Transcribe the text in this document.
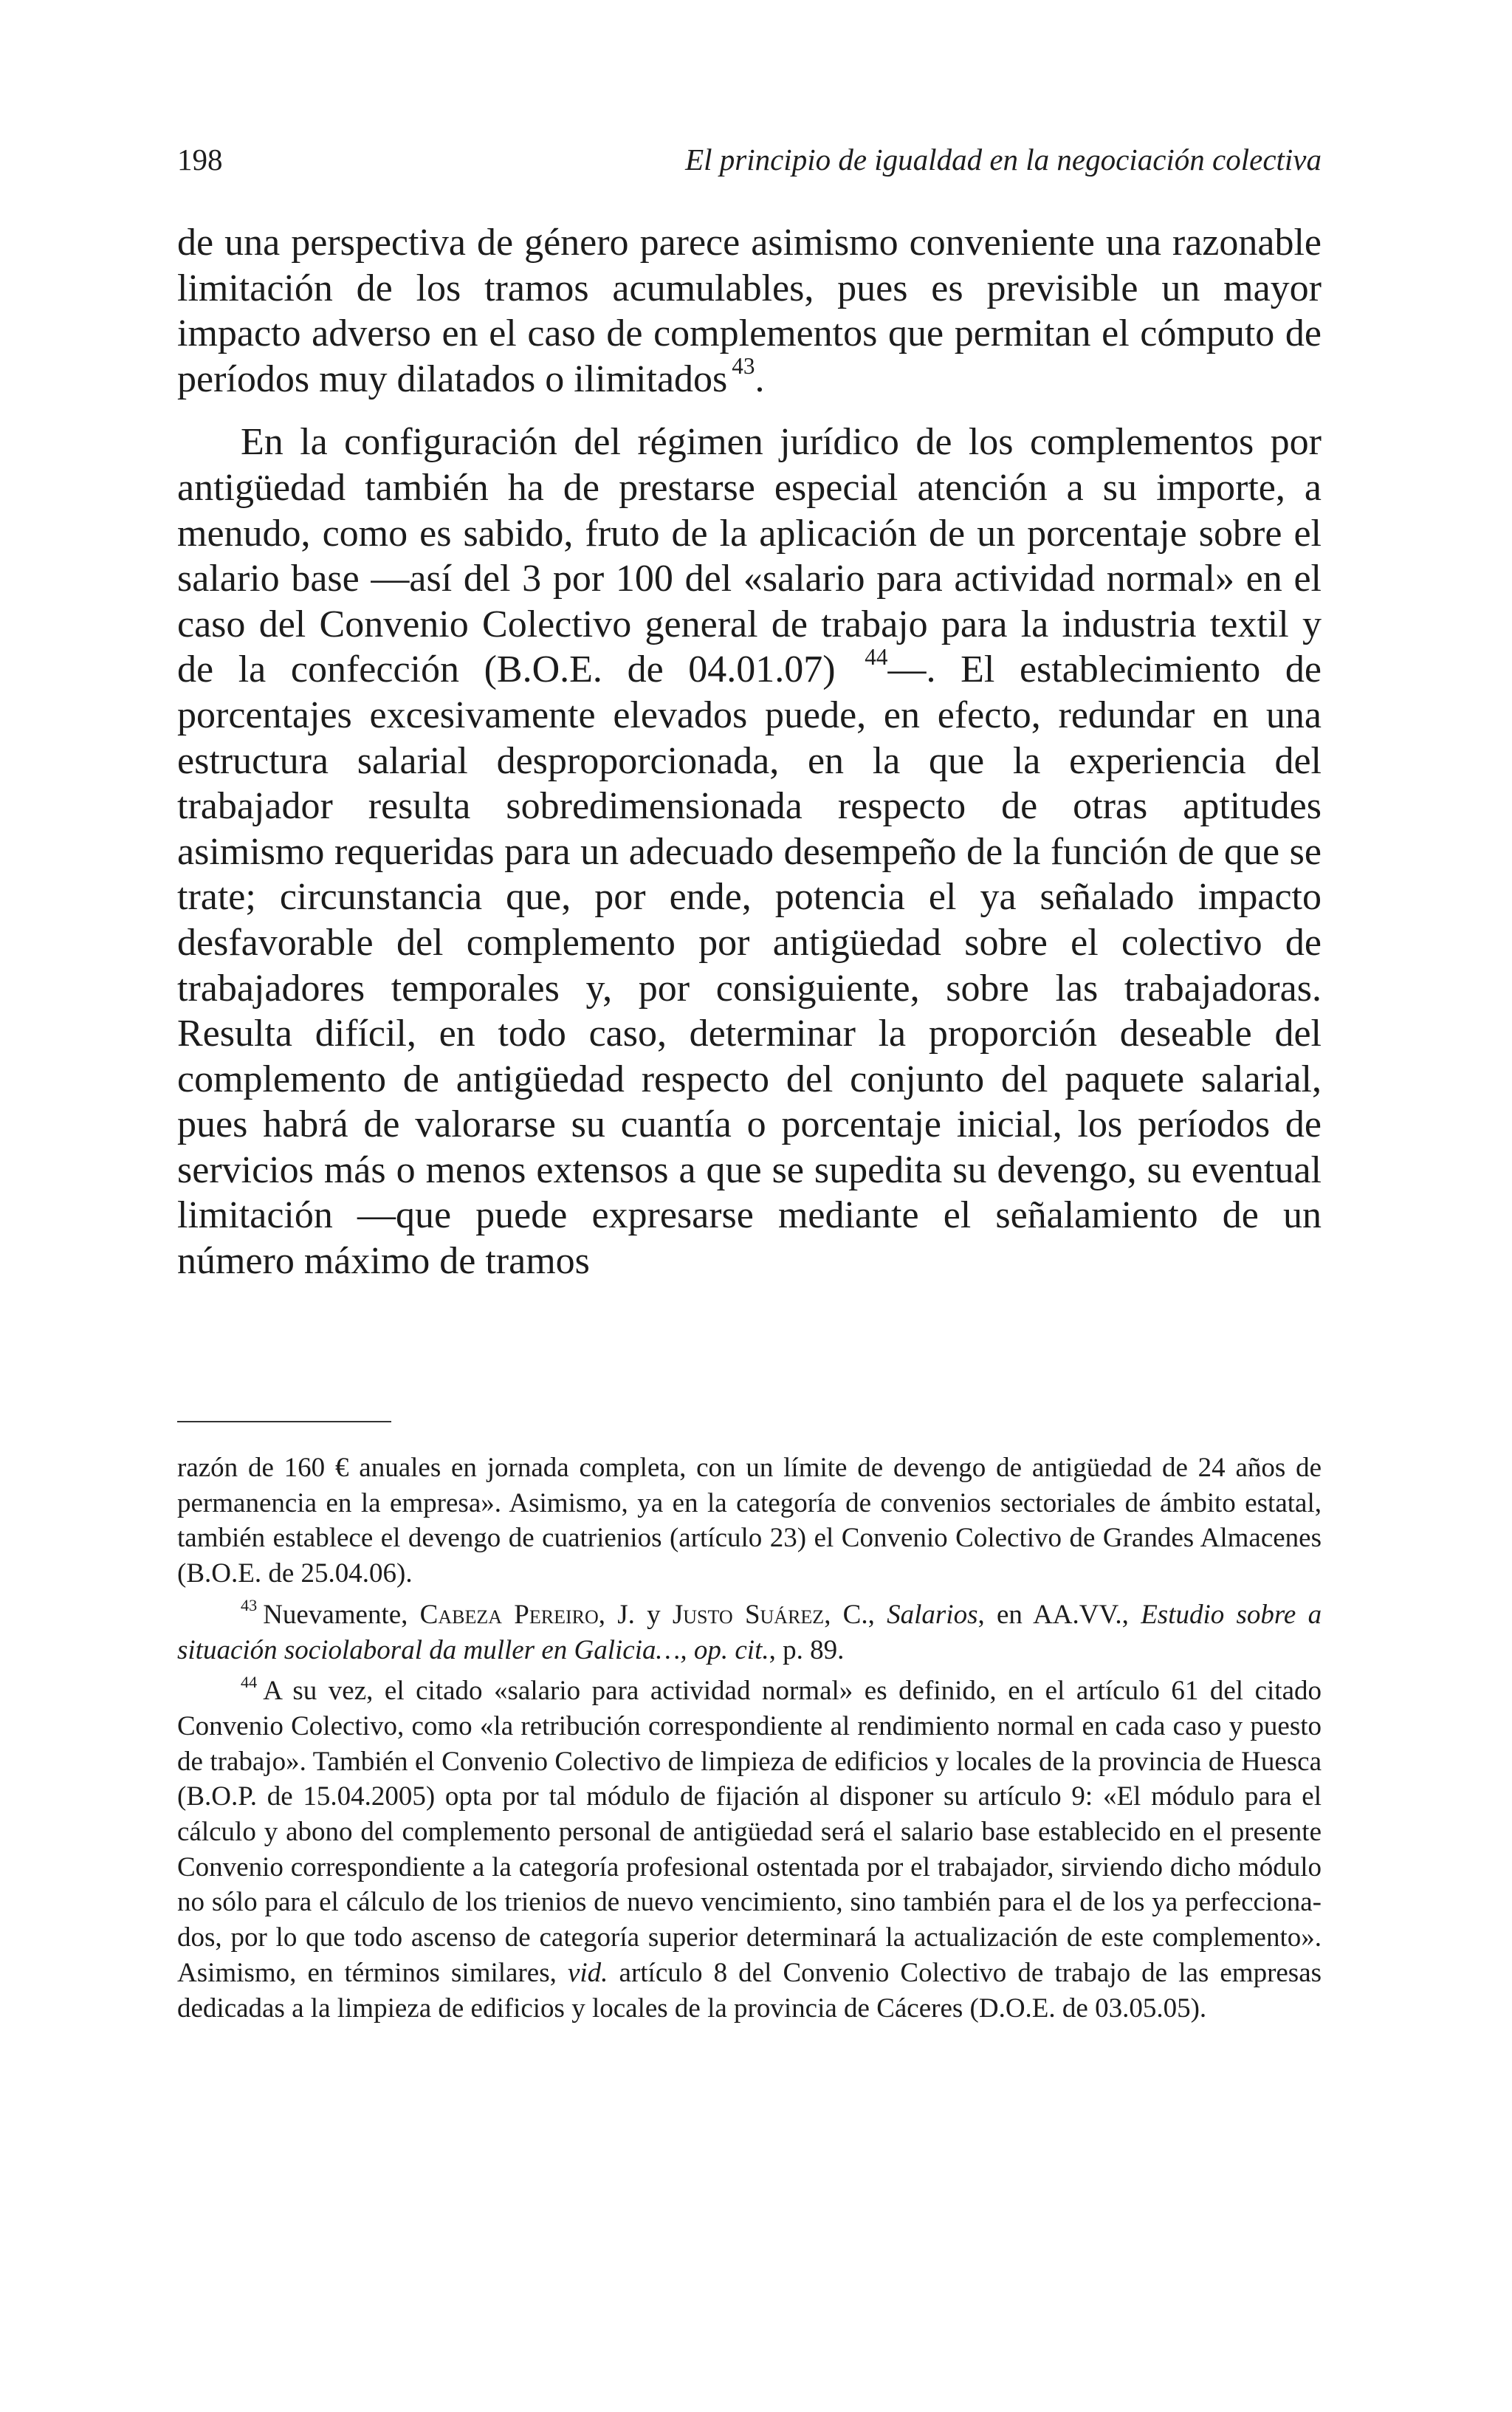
198	El principio de igualdad en la negociación colectiva

de una perspectiva de género parece asimismo conveniente una razonable limitación de los tramos acumulables, pues es previsible un mayor impacto adverso en el caso de complementos que permitan el cómputo de períodos muy dilatados o ilimitados $^{43}$.

En la configuración del régimen jurídico de los complementos por antigüedad también ha de prestarse especial atención a su importe, a menudo, como es sabido, fruto de la aplicación de un porcentaje sobre el salario base —así del 3 por 100 del «salario para actividad normal» en el caso del Convenio Colectivo general de trabajo para la industria textil y de la confección (B.O.E. de 04.01.07) $^{44}$—. El establecimiento de porcentajes excesivamente elevados puede, en efecto, redundar en una estructura salarial desproporcionada, en la que la experiencia del trabajador resulta sobredimensionada respecto de otras aptitudes asimismo requeridas para un adecuado desempeño de la función de que se trate; circunstancia que, por ende, potencia el ya señalado impacto desfavorable del complemento por antigüedad sobre el colectivo de trabajadores temporales y, por consiguiente, sobre las trabajadoras. Resulta difícil, en todo caso, determinar la proporción deseable del complemento de antigüedad respecto del conjunto del paquete salarial, pues habrá de valorarse su cuantía o porcentaje inicial, los períodos de servicios más o menos extensos a que se supedita su devengo, su eventual limitación —que puede expresarse mediante el señalamiento de un número máximo de tramos

razón de 160 € anuales en jornada completa, con un límite de devengo de antigüedad de 24 años de permanencia en la empresa». Asimismo, ya en la categoría de convenios sectoriales de ámbito estatal, también establece el devengo de cuatrienios (artículo 23) el Convenio Colectivo de Grandes Almacenes (B.O.E. de 25.04.06).

$^{43}$ Nuevamente, Cabeza Pereiro, J. y Justo Suárez, C., Salarios, en AA.VV., Estudio sobre a situación sociolaboral da muller en Galicia…, op. cit., p. 89.

$^{44}$ A su vez, el citado «salario para actividad normal» es definido, en el artículo 61 del citado Convenio Colectivo, como «la retribución correspondiente al rendimiento normal en cada caso y puesto de trabajo». También el Convenio Colectivo de limpieza de edificios y locales de la provincia de Huesca (B.O.P. de 15.04.2005) opta por tal módulo de fijación al disponer su artículo 9: «El módulo para el cálculo y abono del complemento personal de antigüedad será el salario base establecido en el presente Convenio correspondiente a la categoría profesional ostentada por el trabajador, sirviendo dicho módulo no sólo para el cálculo de los trienios de nuevo vencimiento, sino también para el de los ya perfeccionados, por lo que todo ascenso de categoría superior determinará la actualización de este complemento». Asimismo, en términos similares, vid. artículo 8 del Convenio Colectivo de trabajo de las empresas dedicadas a la limpieza de edificios y locales de la provincia de Cáceres (D.O.E. de 03.05.05).
